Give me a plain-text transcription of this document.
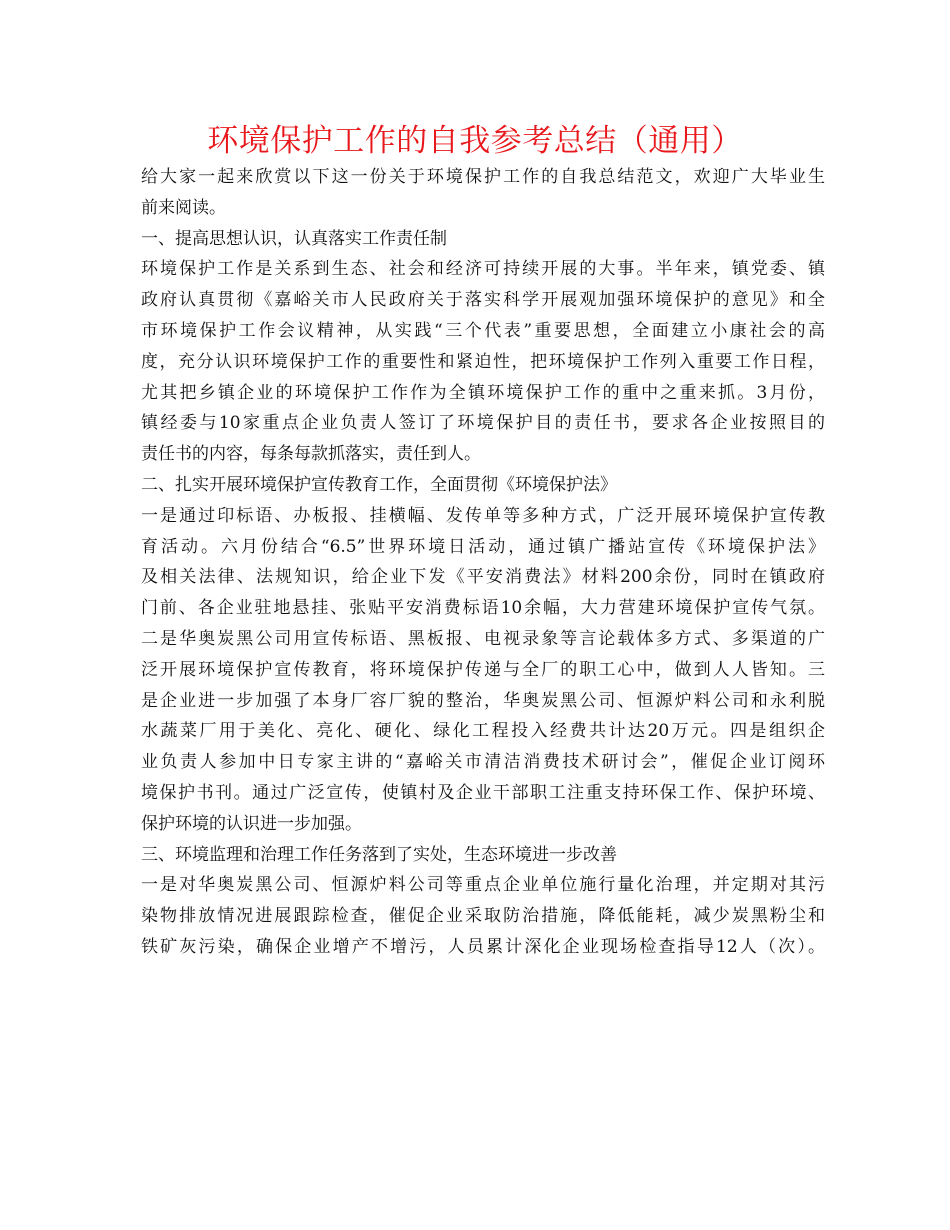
环境保护工作的自我参考总结（通用）
给大家一起来欣赏以下这一份关于环境保护工作的自我总结范文，欢迎广大毕业生
前来阅读。
一、提高思想认识，认真落实工作责任制
环境保护工作是关系到生态、社会和经济可持续开展的大事。半年来，镇党委、镇
政府认真贯彻《嘉峪关市人民政府关于落实科学开展观加强环境保护的意见》和全
市环境保护工作会议精神，从实践“三个代表”重要思想，全面建立小康社会的高
度，充分认识环境保护工作的重要性和紧迫性，把环境保护工作列入重要工作日程，
尤其把乡镇企业的环境保护工作作为全镇环境保护工作的重中之重来抓。3月份，
镇经委与10家重点企业负责人签订了环境保护目的责任书，要求各企业按照目的
责任书的内容，每条每款抓落实，责任到人。
二、扎实开展环境保护宣传教育工作，全面贯彻《环境保护法》
一是通过印标语、办板报、挂横幅、发传单等多种方式，广泛开展环境保护宣传教
育活动。六月份结合“6.5”世界环境日活动，通过镇广播站宣传《环境保护法》
及相关法律、法规知识，给企业下发《平安消费法》材料200余份，同时在镇政府
门前、各企业驻地悬挂、张贴平安消费标语10余幅，大力营建环境保护宣传气氛。
二是华奥炭黑公司用宣传标语、黑板报、电视录象等言论载体多方式、多渠道的广
泛开展环境保护宣传教育，将环境保护传递与全厂的职工心中，做到人人皆知。三
是企业进一步加强了本身厂容厂貌的整治，华奥炭黑公司、恒源炉料公司和永利脱
水蔬菜厂用于美化、亮化、硬化、绿化工程投入经费共计达20万元。四是组织企
业负责人参加中日专家主讲的“嘉峪关市清洁消费技术研讨会”，催促企业订阅环
境保护书刊。通过广泛宣传，使镇村及企业干部职工注重支持环保工作、保护环境、
保护环境的认识进一步加强。
三、环境监理和治理工作任务落到了实处，生态环境进一步改善
一是对华奥炭黑公司、恒源炉料公司等重点企业单位施行量化治理，并定期对其污
染物排放情况进展跟踪检查，催促企业采取防治措施，降低能耗，减少炭黑粉尘和
铁矿灰污染，确保企业增产不增污，人员累计深化企业现场检查指导12人（次）。
